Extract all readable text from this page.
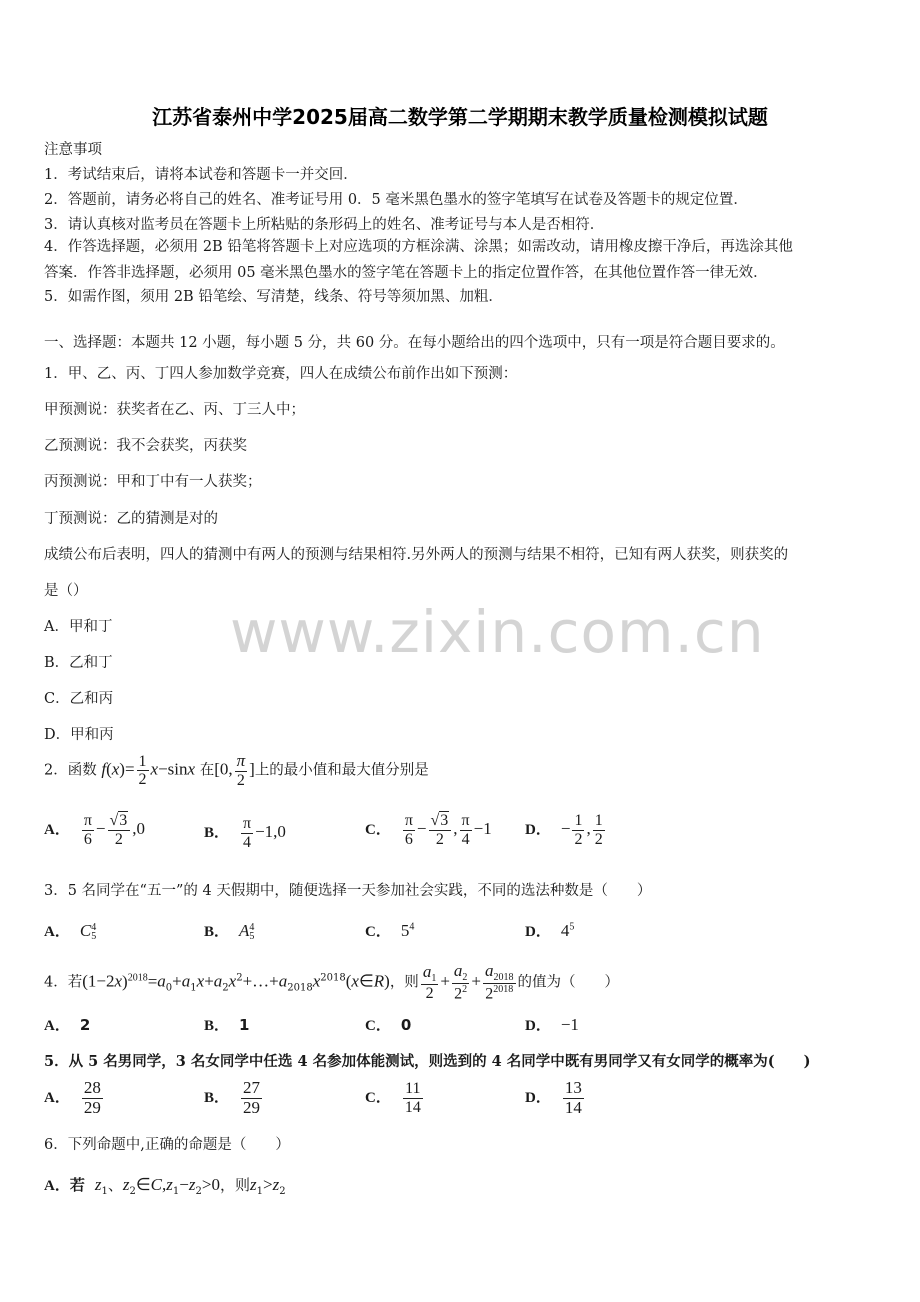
江苏省泰州中学2025届高二数学第二学期期末教学质量检测模拟试题
注意事项
1．考试结束后，请将本试卷和答题卡一并交回．
2．答题前，请务必将自己的姓名、准考证号用 0．5 毫米黑色墨水的签字笔填写在试卷及答题卡的规定位置．
3．请认真核对监考员在答题卡上所粘贴的条形码上的姓名、准考证号与本人是否相符．
4．作答选择题，必须用 2B 铅笔将答题卡上对应选项的方框涂满、涂黑；如需改动，请用橡皮擦干净后，再选涂其他
答案．作答非选择题，必须用 05 毫米黑色墨水的签字笔在答题卡上的指定位置作答，在其他位置作答一律无效．
5．如需作图，须用 2B 铅笔绘、写清楚，线条、符号等须加黑、加粗．
一、选择题：本题共 12 小题，每小题 5 分，共 60 分。在每小题给出的四个选项中，只有一项是符合题目要求的。
1．甲、乙、丙、丁四人参加数学竞赛，四人在成绩公布前作出如下预测：
甲预测说：获奖者在乙、丙、丁三人中；
乙预测说：我不会获奖，丙获奖
丙预测说：甲和丁中有一人获奖；
丁预测说：乙的猜测是对的
成绩公布后表明，四人的猜测中有两人的预测与结果相符.另外两人的预测与结果不相符，已知有两人获奖，则获奖的
是（）
A．甲和丁
B．乙和丁
C．乙和丙
D．甲和丙
www.zixin.com.cn
2．函数 $f(x)= \frac{1}{2} x-\sin x$ 在[0, $\frac{\pi}{2}$ ]上的最小值和最大值分别是
A． $\frac{\pi}{6} - \frac{√3}{2} ,0$	B． $\frac{\pi}{4} -1,0$	C． $\frac{\pi}{6} - \frac{√3}{2}$ , $\frac{\pi}{4} -1$ D． − $\frac{1}{2}$ , $\frac{1}{2}$
3．5 名同学在“五一”的 4 天假期中，随便选择一天参加社会实践，不同的选法种数是（　　）
A． C4
5	B． A4
5	C． $5^4$	D． $4^5$
4．若$(1-2x)^{2018}=a_0+a_1x+a_2x^2+\dots+a_{2018}x^{2018}(x\in R)$，则 $\frac{a_1}{2} + \frac{a_2}{2^2} + \frac{a_{2018}}{2^{2018}}$ 的值为（　　）
A． 2	B． 1	C． 0	D． −1
5．从 5 名男同学，3 名女同学中任选 4 名参加体能测试，则选到的 4 名同学中既有男同学又有女同学的概率为(　　)
A． $\frac{28}{29}$	B． $\frac{27}{29}$	C． $\frac{11}{14}$	D． $\frac{13}{14}$
6．下列命题中,正确的命题是（　　）
A．若 $z_1$、$z_2\in C,z_1-z_2>0$，则$z_1>z_2$
